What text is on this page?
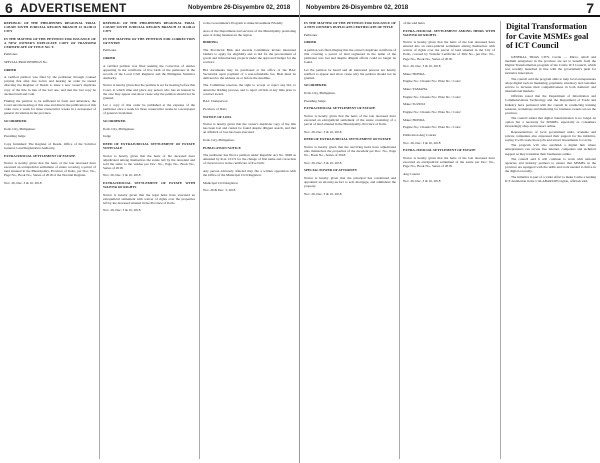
6 ADVERTISEMENT	Nobyembre 26-Disyembre 02, 2018

REPUBLIC OF THE PHILIPPINES REGIONAL TRIAL COURT SIXTH JUDICIAL REGION BRANCH 22 ILOILO CITY

IN THE MATTER OF THE PETITION FOR ISSUANCE OF A NEW OWNER'S DUPLICATE COPY OF TRANSFER CERTIFICATE OF TITLE NO. T-

Petitioner.

SPECIAL PROCEEDINGS No.

ORDER

A verified petition was filed by the petitioner through counsel praying that after due notice and hearing an order be issued directing the Register of Deeds to issue a new owner's duplicate copy of the title in lieu of the lost one, and that the lost copy be declared null and void.

Finding the petition to be sufficient in form and substance, the Court sets the hearing of this case and directs the publication of this order once a week for three consecutive weeks in a newspaper of general circulation in the province.

SO ORDERED.

Iloilo City, Philippines.

Presiding Judge

Copy furnished: The Register of Deeds, Office of the Solicitor General, Land Registration Authority.

EXTRAJUDICIAL SETTLEMENT OF ESTATE

Notice is hereby given that the heirs of the late deceased have executed an extrajudicial settlement of estate covering a parcel of land situated in the Municipality, Province of Iloilo, per Doc. No., Page No., Book No., Series of 2018 of the Notarial Register.

Nov. 26, Dec. 3 & 10, 2018

REPUBLIC OF THE PHILIPPINES REGIONAL TRIAL COURT SIXTH JUDICIAL REGION BRANCH 33 ILOILO CITY

IN THE MATTER OF THE PETITION FOR CORRECTION OF ENTRY

Petitioner.

ORDER

A verified petition was filed seeking the correction of entries appearing in the certificate of live birth of the petitioner in the records of the Local Civil Registrar and the Philippine Statistics Authority.

Notice is hereby given that the petition is set for hearing before this Court, at which time and place any person who has an interest in the case may appear and show cause why the petition should not be granted.

Let a copy of this order be published at the expense of the petitioner once a week for three consecutive weeks in a newspaper of general circulation.

SO ORDERED.

Iloilo City, Philippines.

Judge

DEED OF EXTRAJUDICIAL SETTLEMENT OF ESTATE WITH SALE

Notice is hereby given that the heirs of the deceased have adjudicated among themselves the estate left by the decedent and sold the same to the vendee per Doc. No., Page No., Book No., Series of 2018.

Nov. 26, Dec. 3 & 10, 2018

EXTRAJUDICIAL SETTLEMENT OF ESTATE WITH WAIVER OF RIGHTS

Notice is hereby given that the legal heirs have executed an extrajudicial settlement with waiver of rights over the properties left by the deceased situated in the Province of Iloilo.

Nov. 26, Dec. 3 & 10, 2018

to the Government's Program to make Investment Friendly

Area of the Department and services of the Municipality promoting ease of doing business in the region.

BIDDING

The Provincial Bids and Awards Committee invites interested bidders to apply for eligibility and to bid for the procurement of goods and infrastructure projects under the approved budget for the contract.

Bid documents may be purchased at the office of the BAC Secretariat upon payment of a non-refundable fee. Bids must be delivered to the address on or before the deadline.

The Committee reserves the right to accept or reject any bid, to annul the bidding process, and to reject all bids at any time prior to contract award.

BAC Chairperson

Province of Iloilo

NOTICE OF LOSS

Notice is hereby given that the owner's duplicate copy of the title has been lost and cannot be found despite diligent search, and that an affidavit of loss has been executed.

Iloilo City, Philippines.

PUBLICATION NOTICE

The petitioner has filed a petition under Republic Act No. 9048 as amended by R.A. 10172 for the change of first name and correction of clerical error in the certificate of live birth.

Any person adversely affected may file a written opposition with the Office of the Municipal Civil Registrar.

Municipal Civil Registrar

Nov. 26 & Dec. 3, 2018

Nobyembre 26-Disyembre 02, 2018	7

IN THE MATTER OF THE PETITION FOR ISSUANCE OF A NEW OWNER'S DUPLICATE CERTIFICATE OF TITLE

Petitioner.

ORDER

A petition was filed alleging that the owner's duplicate certificate of title covering a parcel of land registered in the name of the petitioner was lost and despite diligent efforts could no longer be found.

Let the petition be heard and all interested persons are hereby notified to appear and show cause why the petition should not be granted.

SO ORDERED.

Iloilo City, Philippines.

Presiding Judge

EXTRAJUDICIAL SETTLEMENT OF ESTATE

Notice is hereby given that the heirs of the late deceased have executed an extrajudicial settlement of the estate consisting of a parcel of land situated in the Municipality, Province of Iloilo.

Nov. 26, Dec. 3 & 10, 2018

DEED OF EXTRAJUDICIAL SETTLEMENT OF ESTATE

Notice is hereby given that the surviving heirs have adjudicated unto themselves the properties of the decedent per Doc. No., Page No., Book No., Series of 2018.

Nov. 26, Dec. 3 & 10, 2018

SPECIAL POWER OF ATTORNEY

Notice is hereby given that the principal has constituted and appointed an attorney-in-fact to sell, mortgage, and administer the property.

Nov. 26, Dec. 3 & 10, 2018

of the said heirs.

EXTRA-JUDICIAL SETTLEMENT AMONG HEIRS WITH WAIVER OF RIGHTS

Notice is hereby given that the heirs of the late deceased have entered into an extra-judicial settlement among themselves with waiver of rights over the parcel of land situated in the City of Iloilo, covered by Transfer Certificate of Title No., per Doc. No., Page No., Book No., Series of 2018.

Nov. 26, Dec. 3 & 10, 2018

Make: HONDA

Engine No.: Chassis No.: Plate No.: Color:

Make: YAMAHA

Engine No.: Chassis No.: Plate No.: Color:

Make: SUZUKI

Engine No.: Chassis No.: Plate No.: Color:

Make: HONDA

Engine No.: Chassis No.: Plate No.: Color:

Publication Ang Courier

Nov. 26, Dec. 3 & 10, 2018

EXTRA-JUDICIAL SETTLEMENT OF ESTATE

Notice is hereby given that the heirs of the late deceased have executed an extrajudicial settlement of the estate per Doc. No., Page No., Book No., Series of 2018.

Ang Courier

Nov. 26, Dec. 3 & 10, 2018

Digital Transformation for Cavite MSMEs goal of ICT Council

GENERAL TRIAS CITY, Cavite — Micro, small and medium enterprises in the province are set to benefit from the Digital Transformation program of the Cavite ICT Council, which was recently launched in line with the government's push for inclusive innovation.

The council said the program aims to help local entrepreneurs adopt digital tools in marketing, payments, inventory and customer service to increase their competitiveness in both domestic and international markets.

Officials noted that the Department of Information and Communications Technology and the Department of Trade and Industry have partnered with the council in conducting training sessions, workshops and mentoring for business owners across the province.

The council added that digital transformation is no longer an option but a necessity for MSMEs, especially as consumers increasingly shop and transact online.

Representatives of local government units, academe and private companies also expressed their support for the initiative, saying it will create more jobs and attract investments to Cavite.

The program will also establish a digital hub where entrepreneurs can access free internet, computers and technical support as they transition their businesses online.

The council said it will continue to work with national agencies and industry partners to ensure that MSMEs in the province are equipped with the skills and tools needed to thrive in the digital economy.

The initiative is part of a wider effort to make Cavite a leading ICT destination in the CALABARZON region, officials said.
